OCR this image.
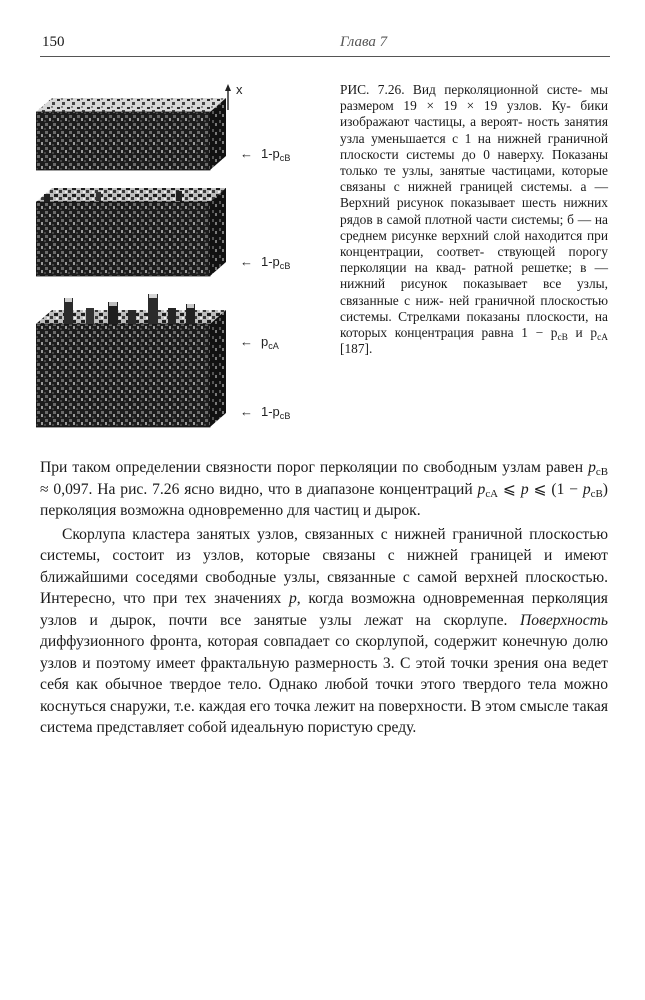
150	Глава 7
x
← $1-p_{cB}$
← $1-p_{cB}$
← $p_{cA}$
← $1-p_{cB}$

РИС. 7.26. Вид перколяционной систе- мы размером 19 × 19 × 19 узлов. Ку- бики изображают частицы, а вероят- ность занятия узла уменьшается с 1 на нижней граничной плоскости системы до 0 наверху. Показаны только те узлы, занятые частицами, которые связаны с нижней границей системы. а — Верхний рисунок показывает шесть нижних рядов в самой плотной части системы; б — на среднем рисунке верхний слой находится при концентрации, соответ- ствующей порогу перколяции на квад- ратной решетке; в — нижний рисунок показывает все узлы, связанные с ниж- ней граничной плоскостью системы. Стрелками показаны плоскости, на которых концентрация равна $1 - p_{cB}$ и $p_{cA}$ [187].

При таком определении связности порог перколяции по свободным узлам равен $p_{cB} \approx 0,097$. На рис. 7.26 ясно видно, что в диапазоне концентраций $p_{cA}$ ⩽ p ⩽ $(1 - p_{cB})$ перколяция возможна одновременно для частиц и дырок.

Скорлупа кластера занятых узлов, связанных с нижней граничной плоскостью системы, состоит из узлов, которые связаны с нижней границей и имеют ближайшими соседями свободные узлы, связанные с самой верхней плоскостью. Интересно, что при тех значениях p, когда возможна одновременная перколяция узлов и дырок, почти все занятые узлы лежат на скорлупе. Поверхность диффузионного фронта, которая совпадает со скорлупой, содержит конечную долю узлов и поэтому имеет фрактальную размерность 3. С этой точки зрения она ведет себя как обычное твердое тело. Однако любой точки этого твердого тела можно коснуться снаружи, т.е. каждая его точка лежит на поверхности. В этом смысле такая система представляет собой идеальную пористую среду.
